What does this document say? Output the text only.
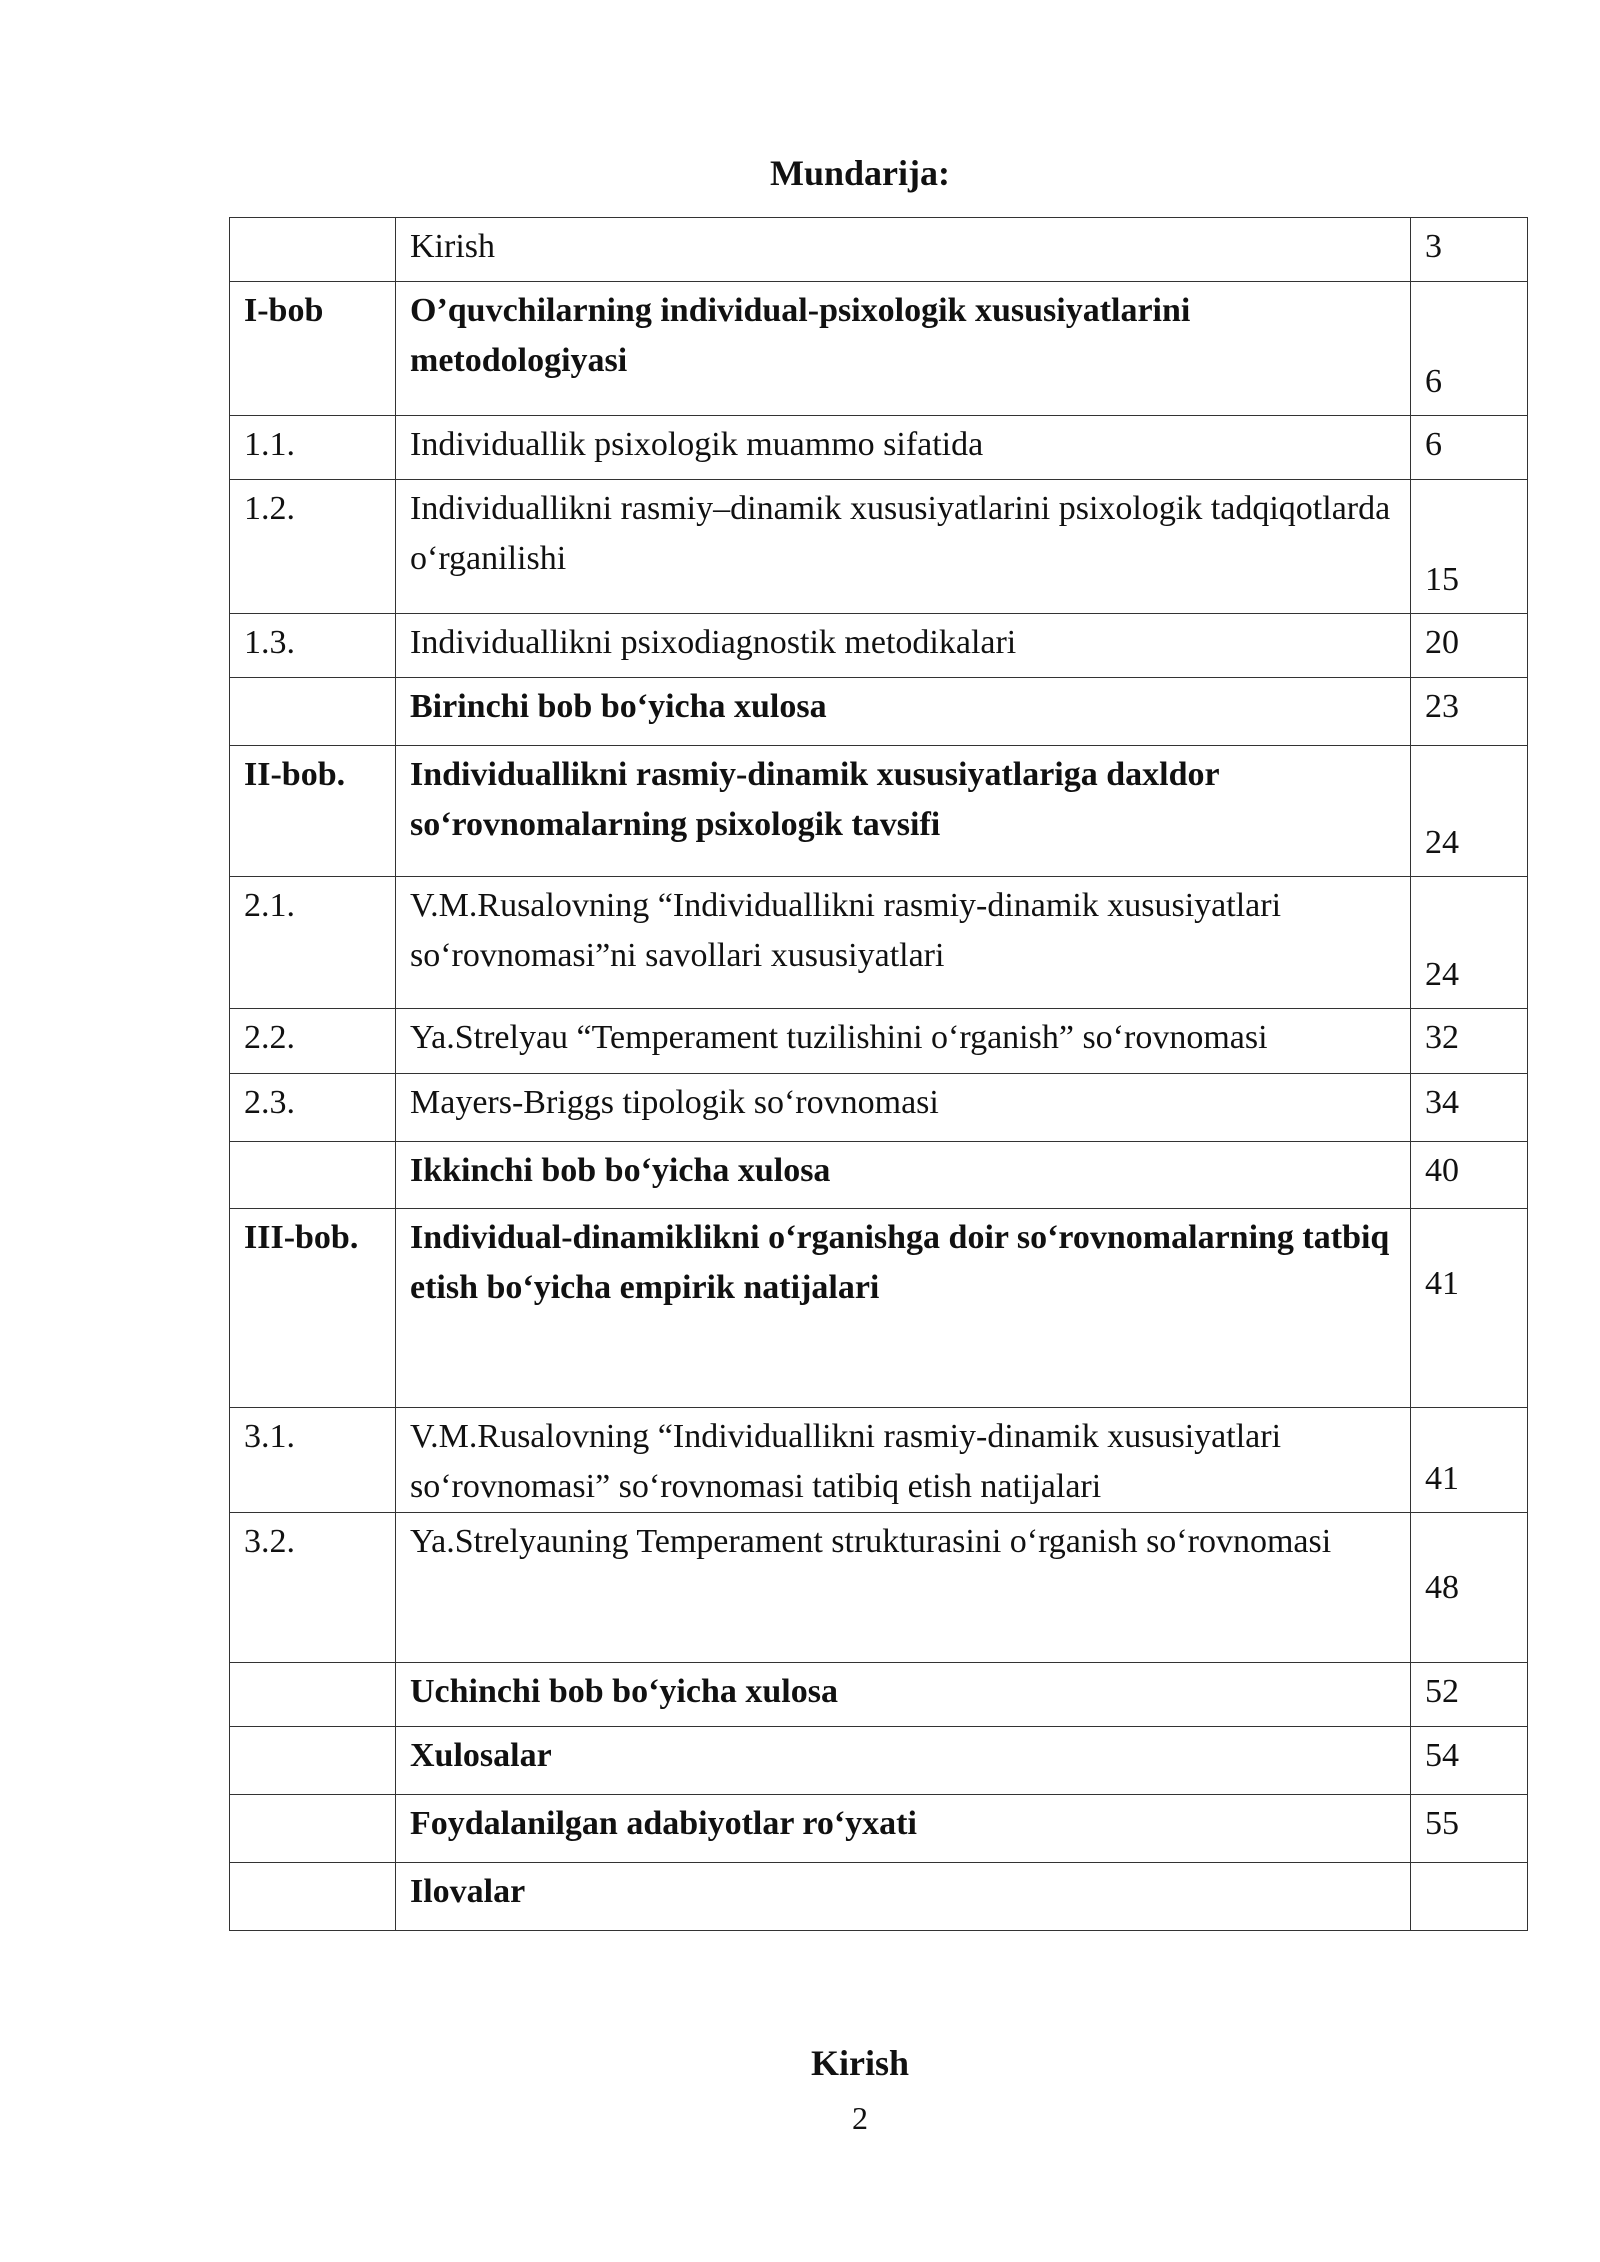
Mundarija:
	Kirish	3
I-bob	O’quvchilarning individual-psixologik xususiyatlarini metodologiyasi	6
1.1.	Individuallik psixologik muammo sifatida	6
1.2.	Individuallikni rasmiy–dinamik xususiyatlarini psixologik tadqiqotlarda o‘rganilishi	15
1.3.	Individuallikni psixodiagnostik metodikalari	20
	Birinchi bob bo‘yicha xulosa	23
II-bob.	Individuallikni rasmiy-dinamik xususiyatlariga daxldor so‘rovnomalarning psixologik tavsifi	24
2.1.	V.M.Rusalovning “Individuallikni rasmiy-dinamik xususiyatlari so‘rovnomasi”ni savollari xususiyatlari	24
2.2.	Ya.Strelyau “Temperament tuzilishini o‘rganish” so‘rovnomasi	32
2.3.	Mayers-Briggs tipologik so‘rovnomasi	34
	Ikkinchi bob bo‘yicha xulosa	40
III-bob.	Individual-dinamiklikni o‘rganishga doir so‘rovnomalarning tatbiq etish bo‘yicha empirik natijalari	41
3.1.	V.M.Rusalovning “Individuallikni rasmiy-dinamik xususiyatlari so‘rovnomasi” so‘rovnomasi tatibiq etish natijalari	41
3.2.	Ya.Strelyauning Temperament strukturasini o‘rganish so‘rovnomasi	48
	Uchinchi bob bo‘yicha xulosa	52
	Xulosalar	54
	Foydalanilgan adabiyotlar ro‘yxati	55
	Ilovalar	
Kirish
2
